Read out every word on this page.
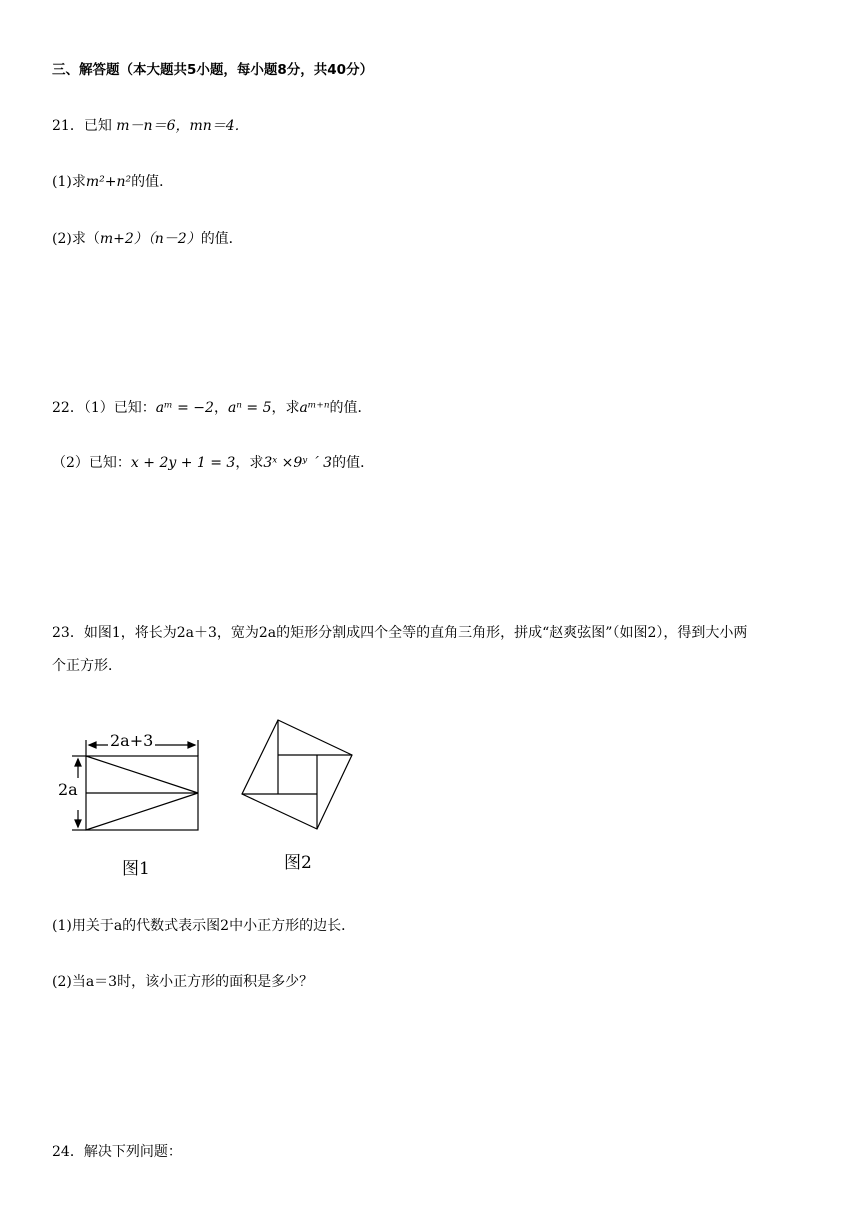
三、解答题（本大题共5小题，每小题8分，共40分）
21．已知 m－n＝6，mn＝4．
(1)求m²+n²的值．
(2)求（m+2）（n－2）的值．
22．（1）已知：aᵐ = −2，aⁿ = 5，求aᵐ⁺ⁿ的值．
（2）已知：x + 2y + 1 = 3，求3ˣ ×9ʸ ´ 3的值．
23．如图1，将长为2a＋3，宽为2a的矩形分割成四个全等的直角三角形，拼成“赵爽弦图”（如图2），得到大小两
个正方形．
2a+3
2a
图1	图2
(1)用关于a的代数式表示图2中小正方形的边长．
(2)当a＝3时，该小正方形的面积是多少？
24．解决下列问题：
